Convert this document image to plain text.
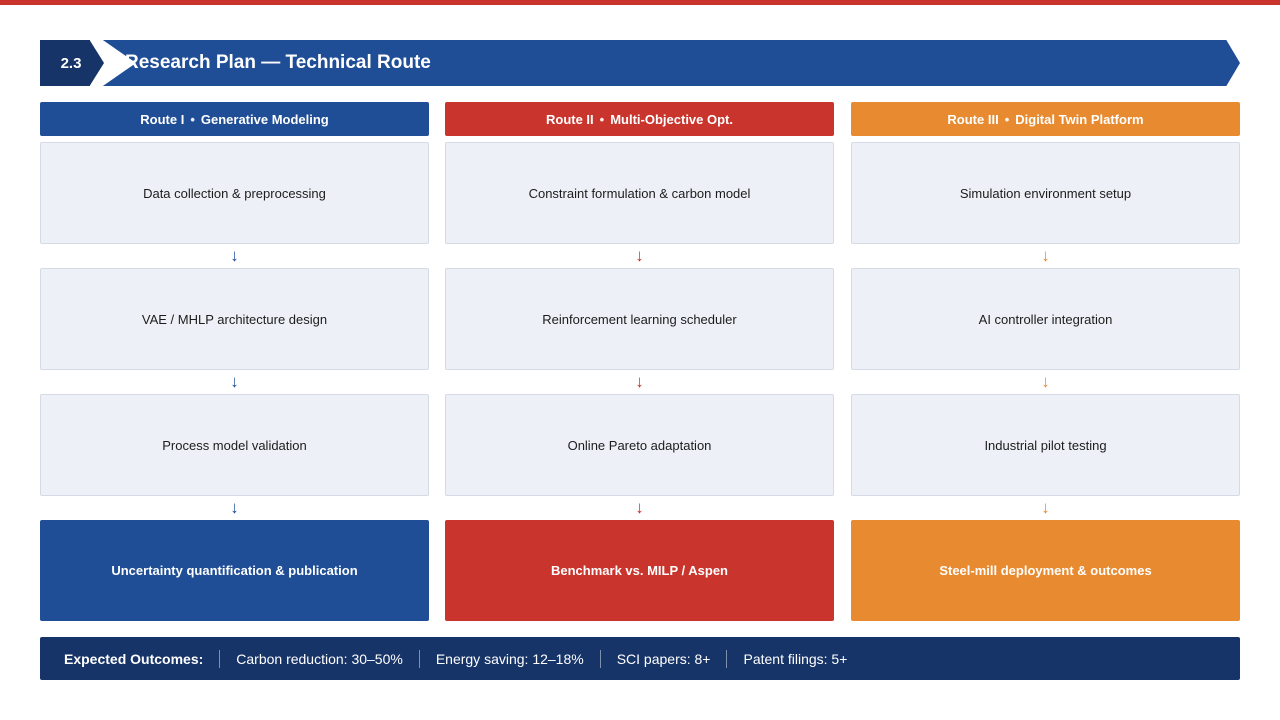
2.3	Research Plan — Technical Route
Route I • Generative Modeling
Data collection & preprocessing
↓
VAE / MHLP architecture design
↓
Process model validation
↓
Uncertainty quantification & publication
Route II • Multi-Objective Opt.
Constraint formulation & carbon model
↓
Reinforcement learning scheduler
↓
Online Pareto adaptation
↓
Benchmark vs. MILP / Aspen
Route III • Digital Twin Platform
Simulation environment setup
↓
AI controller integration
↓
Industrial pilot testing
↓
Steel-mill deployment & outcomes
Expected Outcomes:	Carbon reduction: 30–50%	Energy saving: 12–18%	SCI papers: 8+	Patent filings: 5+
